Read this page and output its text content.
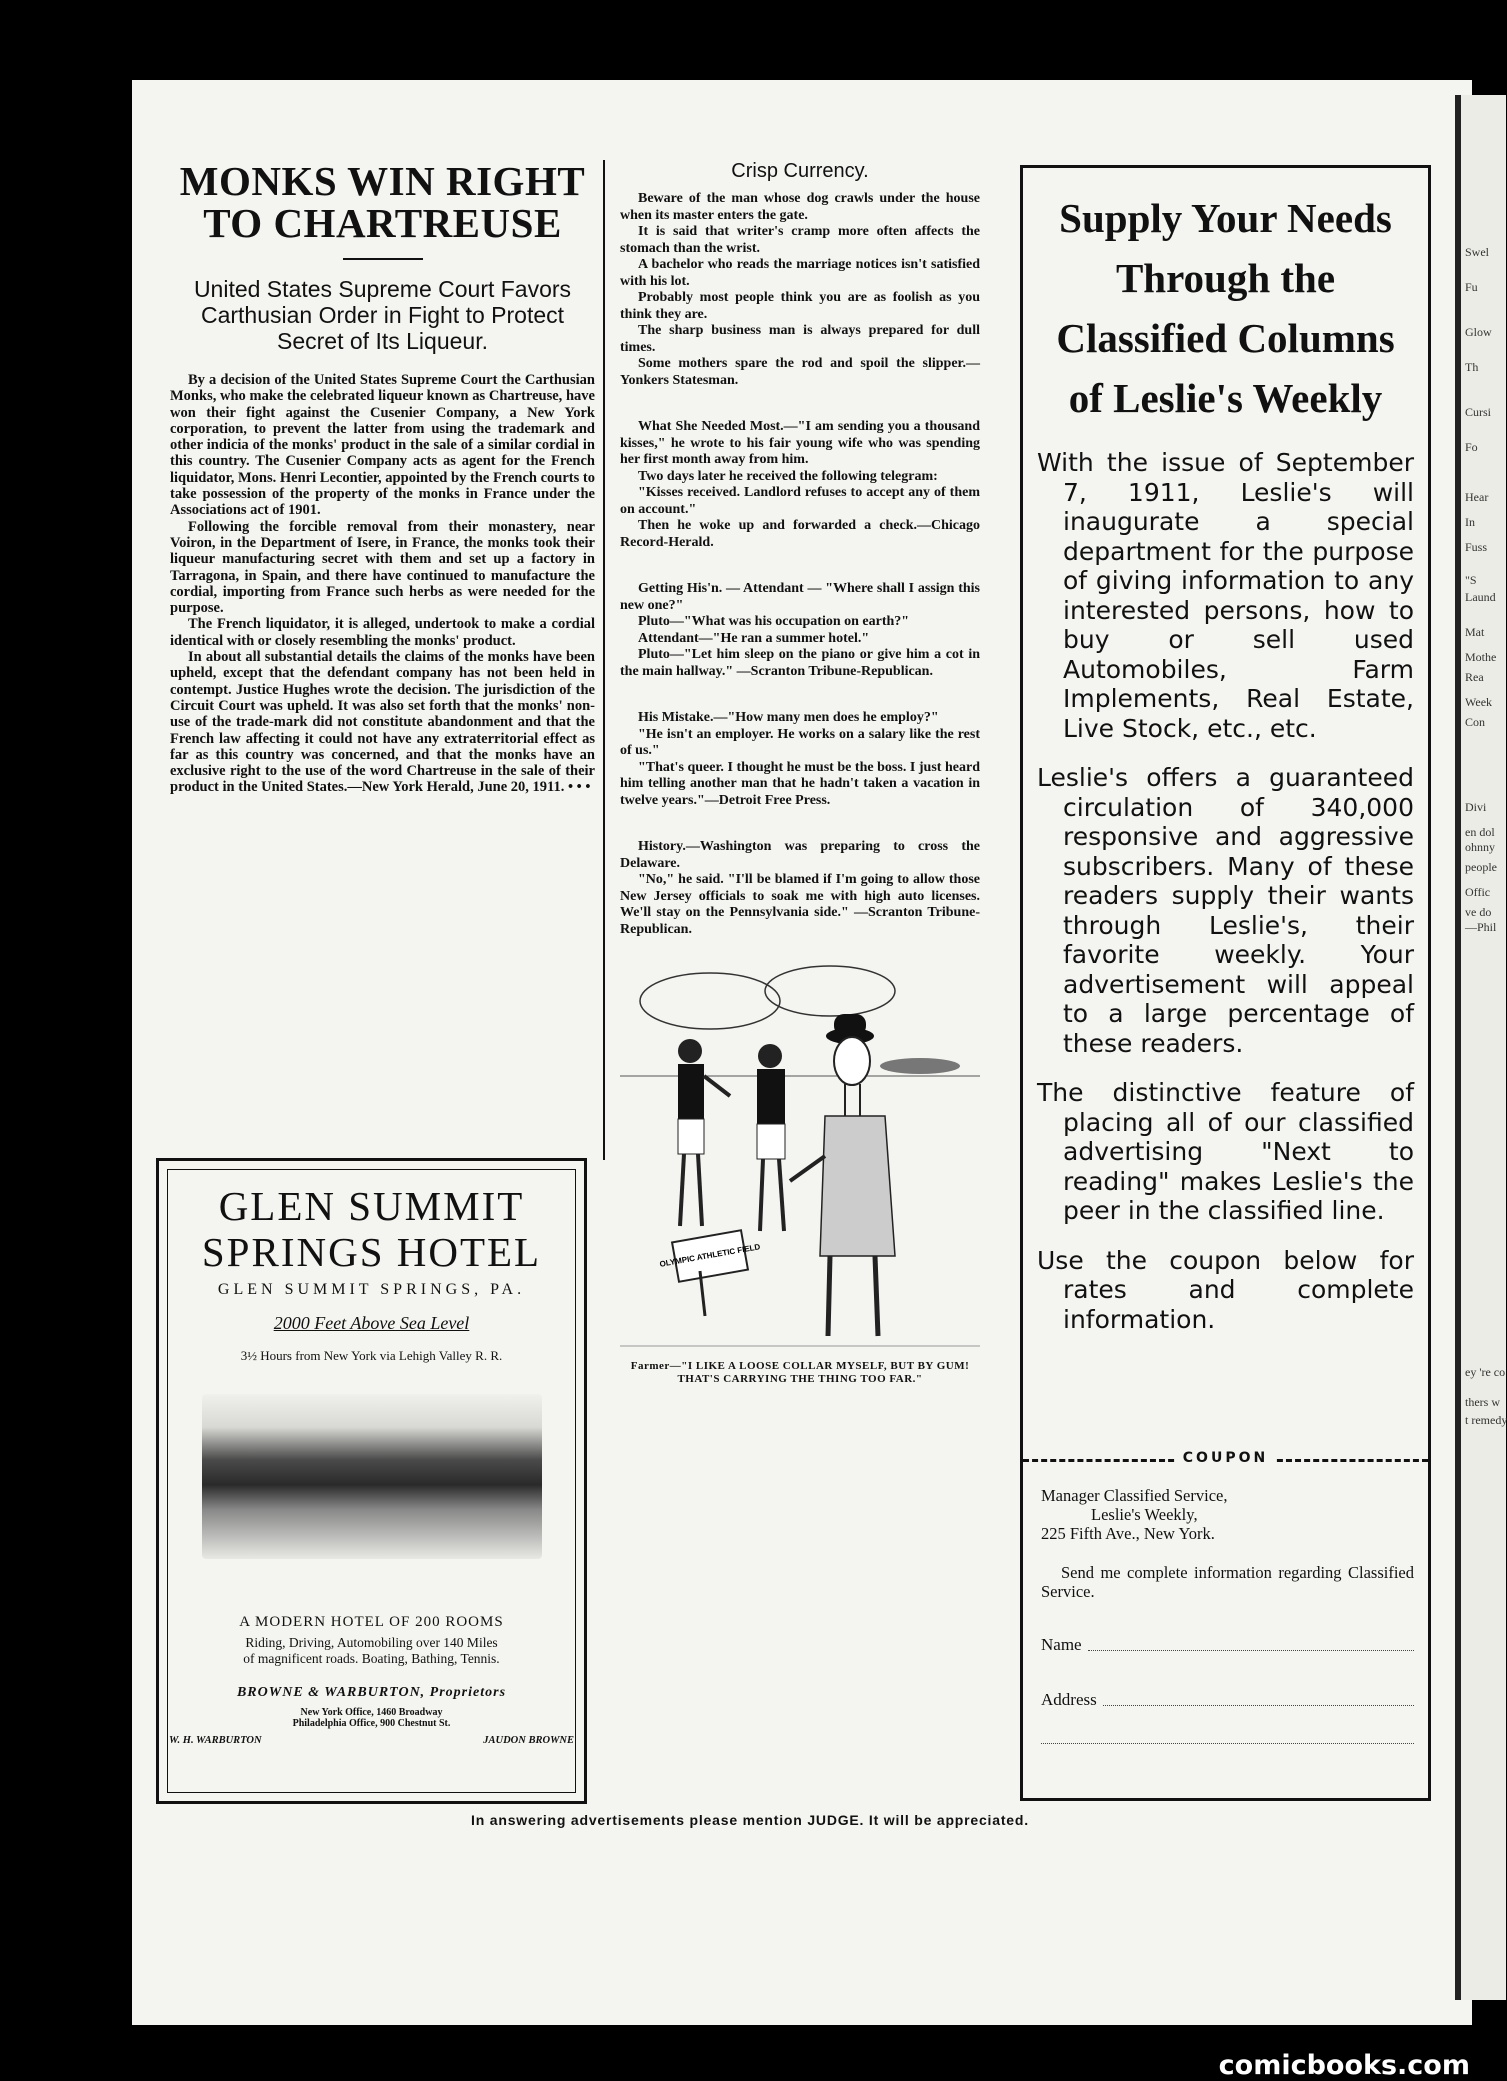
Swel
Fu
Glow
Th
Cursi
Fo
Hear
In
Fuss
"S
Laund
Mat
Mothe
Rea
Week
Con
Divi
en dol
ohnny
people
Offic
ve do
—Phil
ey 're co
thers w
t remedy
MONKS WIN RIGHT
TO CHARTREUSE

United States Supreme Court Favors Carthusian Order in Fight to Protect Secret of Its Liqueur.

By a decision of the United States Supreme Court the Carthusian Monks, who make the celebrated liqueur known as Chartreuse, have won their fight against the Cusenier Company, a New York corporation, to prevent the latter from using the trademark and other indicia of the monks' product in the sale of a similar cordial in this country. The Cusenier Company acts as agent for the French liquidator, Mons. Henri Lecontier, appointed by the French courts to take possession of the property of the monks in France under the Associations act of 1901.

Following the forcible removal from their monastery, near Voiron, in the Department of Isere, in France, the monks took their liqueur manufacturing secret with them and set up a factory in Tarragona, in Spain, and there have continued to manufacture the cordial, importing from France such herbs as were needed for the purpose.

The French liquidator, it is alleged, undertook to make a cordial identical with or closely resembling the monks' product.

In about all substantial details the claims of the monks have been upheld, except that the defendant company has not been held in contempt. Justice Hughes wrote the decision. The jurisdiction of the Circuit Court was upheld. It was also set forth that the monks' non-use of the trade-mark did not constitute abandonment and that the French law affecting it could not have any extraterritorial effect as far as this country was concerned, and that the monks have an exclusive right to the use of the word Chartreuse in the sale of their product in the United States.—New York Herald, June 20, 1911. • • •

GLEN SUMMIT
SPRINGS HOTEL
GLEN SUMMIT SPRINGS, PA.
2000 Feet Above Sea Level
3½ Hours from New York via Lehigh Valley R. R.
A MODERN HOTEL OF 200 ROOMS
Riding, Driving, Automobiling over 140 Miles
of magnificent roads. Boating, Bathing, Tennis.
BROWNE & WARBURTON, Proprietors
New York Office, 1460 Broadway
Philadelphia Office, 900 Chestnut St.
W. H. WARBURTON	JAUDON BROWNE
Crisp Currency.

Beware of the man whose dog crawls under the house when its master enters the gate.

It is said that writer's cramp more often affects the stomach than the wrist.

A bachelor who reads the marriage notices isn't satisfied with his lot.

Probably most people think you are as foolish as you think they are.

The sharp business man is always prepared for dull times.

Some mothers spare the rod and spoil the slipper.—Yonkers Statesman.

What She Needed Most.—"I am sending you a thousand kisses," he wrote to his fair young wife who was spending her first month away from him.

Two days later he received the following telegram:

"Kisses received. Landlord refuses to accept any of them on account."

Then he woke up and forwarded a check.—Chicago Record-Herald.

Getting His'n. — Attendant — "Where shall I assign this new one?"

Pluto—"What was his occupation on earth?"

Attendant—"He ran a summer hotel."

Pluto—"Let him sleep on the piano or give him a cot in the main hallway." —Scranton Tribune-Republican.

His Mistake.—"How many men does he employ?"

"He isn't an employer. He works on a salary like the rest of us."

"That's queer. I thought he must be the boss. I just heard him telling another man that he hadn't taken a vacation in twelve years."—Detroit Free Press.

History.—Washington was preparing to cross the Delaware.

"No," he said. "I'll be blamed if I'm going to allow those New Jersey officials to soak me with high auto licenses. We'll stay on the Pennsylvania side." —Scranton Tribune-Republican.

OLYMPIC ATHLETIC FIELD
Farmer—"I LIKE A LOOSE COLLAR MYSELF, BUT BY GUM! THAT'S CARRYING THE THING TOO FAR."
Supply Your Needs
Through the
Classified Columns
of Leslie's Weekly

With the issue of September 7, 1911, Leslie's will inaugurate a special department for the purpose of giving information to any interested persons, how to buy or sell used Automobiles, Farm Implements, Real Estate, Live Stock, etc., etc.

Leslie's offers a guaranteed circulation of 340,000 responsive and aggressive subscribers. Many of these readers supply their wants through Leslie's, their favorite weekly. Your advertisement will appeal to a large percentage of these readers.

The distinctive feature of placing all of our classified advertising "Next to reading" makes Leslie's the peer in the classified line.

Use the coupon below for rates and complete information.

COUPON
Manager Classified Service,
Leslie's Weekly,
225 Fifth Ave., New York.
Send me complete information regarding Classified Service.
Name
Address
In answering advertisements please mention JUDGE. It will be appreciated.
comicbooks.com
